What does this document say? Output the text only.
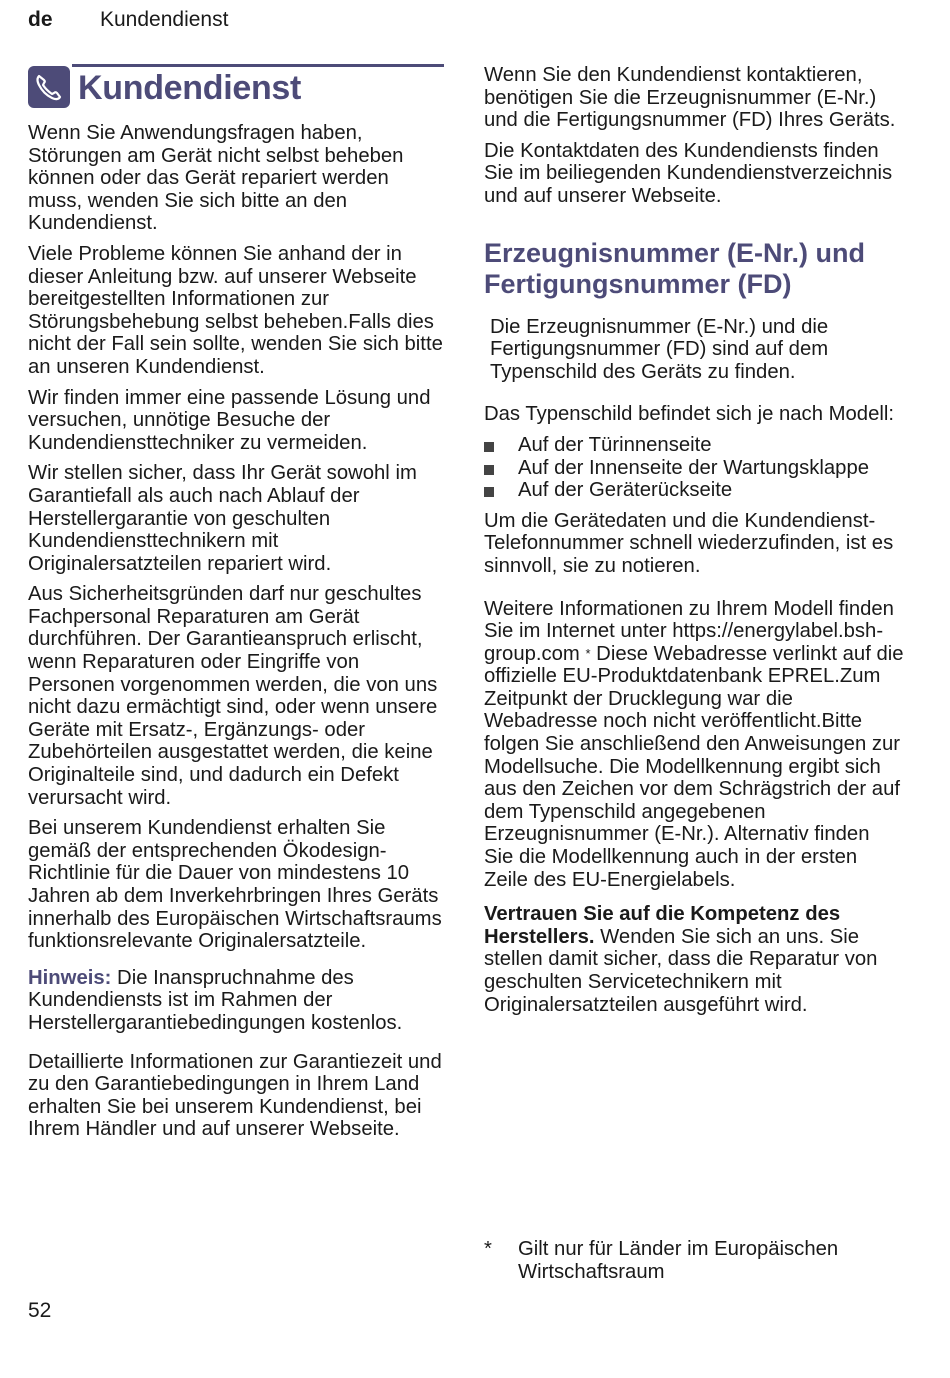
de Kundendienst
Kundendienst

Wenn Sie Anwendungsfragen haben, Störungen am Gerät nicht selbst beheben können oder das Gerät repariert werden muss, wenden Sie sich bitte an den Kundendienst.

Viele Probleme können Sie anhand der in dieser Anleitung bzw. auf unserer Webseite bereitgestellten Informationen zur Störungsbehebung selbst beheben.Falls dies nicht der Fall sein sollte, wenden Sie sich bitte an unseren Kundendienst.

Wir finden immer eine passende Lösung und versuchen, unnötige Besuche der Kundendiensttechniker zu vermeiden.

Wir stellen sicher, dass Ihr Gerät sowohl im Garantiefall als auch nach Ablauf der Herstellergarantie von geschulten Kundendiensttechnikern mit Originalersatzteilen repariert wird.

Aus Sicherheitsgründen darf nur geschultes Fachpersonal Reparaturen am Gerät durchführen. Der Garantieanspruch erlischt, wenn Reparaturen oder Eingriffe von Personen vorgenommen werden, die von uns nicht dazu ermächtigt sind, oder wenn unsere Geräte mit Ersatz-, Ergänzungs- oder Zubehörteilen ausgestattet werden, die keine Originalteile sind, und dadurch ein Defekt verursacht wird.

Bei unserem Kundendienst erhalten Sie gemäß der entsprechenden Ökodesign-Richtlinie für die Dauer von mindestens 10 Jahren ab dem Inverkehrbringen Ihres Geräts innerhalb des Europäischen Wirtschaftsraums funktionsrelevante Originalersatzteile.

Hinweis: Die Inanspruchnahme des Kundendiensts ist im Rahmen der Herstellergarantiebedingungen kostenlos.

Detaillierte Informationen zur Garantiezeit und zu den Garantiebedingungen in Ihrem Land erhalten Sie bei unserem Kundendienst, bei Ihrem Händler und auf unserer Webseite.

Wenn Sie den Kundendienst kontaktieren, benötigen Sie die Erzeugnisnummer (E-Nr.) und die Fertigungsnummer (FD) Ihres Geräts.

Die Kontaktdaten des Kundendiensts finden Sie im beiliegenden Kundendienstverzeichnis und auf unserer Webseite.

Erzeugnisnummer (E-Nr.) und Fertigungsnummer (FD)

Die Erzeugnisnummer (E-Nr.) und die Fertigungsnummer (FD) sind auf dem Typenschild des Geräts zu finden.

Das Typenschild befindet sich je nach Modell:

Auf der Türinnenseite
Auf der Innenseite der Wartungsklappe
Auf der Geräterückseite

Um die Gerätedaten und die Kundendienst-Telefonnummer schnell wiederzufinden, ist es sinnvoll, sie zu notieren.

Weitere Informationen zu Ihrem Modell finden Sie im Internet unter https://energylabel.bsh-group.com * Diese Webadresse verlinkt auf die offizielle EU-Produktdatenbank EPREL.Zum Zeitpunkt der Drucklegung war die Webadresse noch nicht veröffentlicht.Bitte folgen Sie anschließend den Anweisungen zur Modellsuche. Die Modellkennung ergibt sich aus den Zeichen vor dem Schrägstrich der auf dem Typenschild angegebenen Erzeugnisnummer (E-Nr.). Alternativ finden Sie die Modellkennung auch in der ersten Zeile des EU-Energielabels.

Vertrauen Sie auf die Kompetenz des Herstellers. Wenden Sie sich an uns. Sie stellen damit sicher, dass die Reparatur von geschulten Servicetechnikern mit Originalersatzteilen ausgeführt wird.

* Gilt nur für Länder im Europäischen Wirtschaftsraum
52
